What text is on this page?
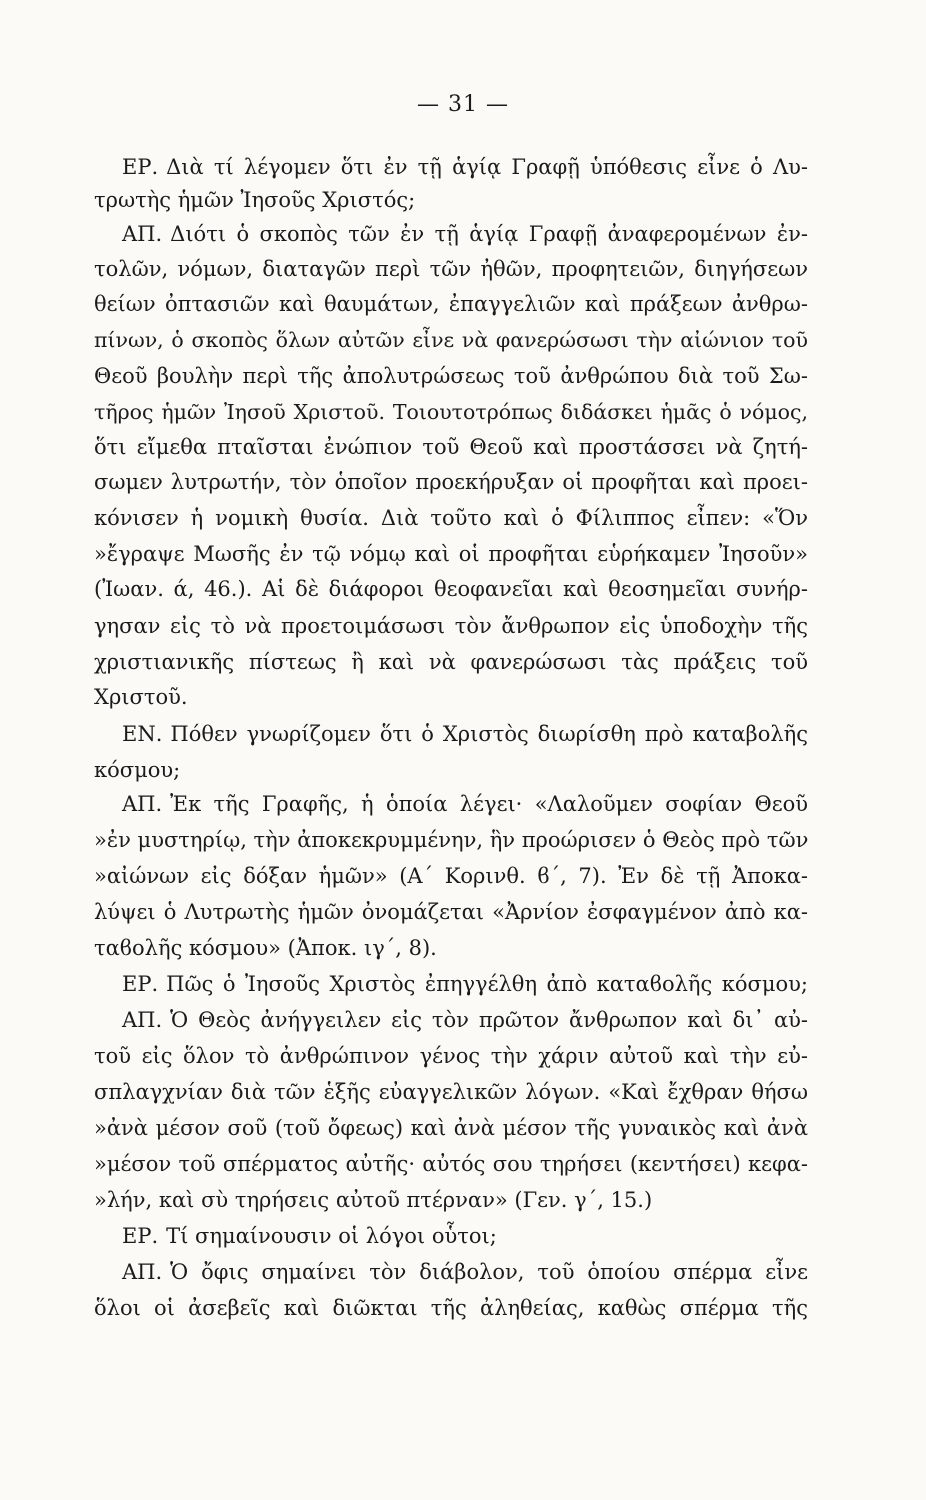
— 31 —
ΕΡ. Διὰ τί λέγομεν ὅτι ἐν τῇ ἁγίᾳ Γραφῇ ὑπόθεσις εἶνε ὁ Λυ-
τρωτὴς ἡμῶν Ἰησοῦς Χριστός;
ΑΠ. Διότι ὁ σκοπὸς τῶν ἐν τῇ ἁγίᾳ Γραφῇ ἀναφερομένων ἐν-
τολῶν, νόμων, διαταγῶν περὶ τῶν ἠθῶν, προφητειῶν, διηγήσεων
θείων ὀπτασιῶν καὶ θαυμάτων, ἐπαγγελιῶν καὶ πράξεων ἀνθρω-
πίνων, ὁ σκοπὸς ὅλων αὐτῶν εἶνε νὰ φανερώσωσι τὴν αἰώνιον τοῦ
Θεοῦ βουλὴν περὶ τῆς ἀπολυτρώσεως τοῦ ἀνθρώπου διὰ τοῦ Σω-
τῆρος ἡμῶν Ἰησοῦ Χριστοῦ. Τοιουτοτρόπως διδάσκει ἡμᾶς ὁ νόμος,
ὅτι εἴμεθα πταῖσται ἐνώπιον τοῦ Θεοῦ καὶ προστάσσει νὰ ζητή-
σωμεν λυτρωτήν, τὸν ὁποῖον προεκήρυξαν οἱ προφῆται καὶ προει-
κόνισεν ἡ νομικὴ θυσία. Διὰ τοῦτο καὶ ὁ Φίλιππος εἶπεν: «Ὅν
»ἔγραψε Μωσῆς ἐν τῷ νόμῳ καὶ οἱ προφῆται εὑρήκαμεν Ἰησοῦν»
(Ἰωαν. ά, 46.). Αἱ δὲ διάφοροι θεοφανεῖαι καὶ θεοσημεῖαι συνήρ-
γησαν εἰς τὸ νὰ προετοιμάσωσι τὸν ἄνθρωπον εἰς ὑποδοχὴν τῆς
χριστιανικῆς πίστεως ἢ καὶ νὰ φανερώσωσι τὰς πράξεις τοῦ
Χριστοῦ.
ΕΝ. Πόθεν γνωρίζομεν ὅτι ὁ Χριστὸς διωρίσθη πρὸ καταβολῆς
κόσμου;
ΑΠ. Ἐκ τῆς Γραφῆς, ἡ ὁποία λέγει· «Λαλοῦμεν σοφίαν Θεοῦ
»ἐν μυστηρίῳ, τὴν ἀποκεκρυμμένην, ἣν προώρισεν ὁ Θεὸς πρὸ τῶν
»αἰώνων εἰς δόξαν ἡμῶν» (Α΄ Κορινθ. ϐ΄, 7). Ἐν δὲ τῇ Ἀποκα-
λύψει ὁ Λυτρωτὴς ἡμῶν ὀνομάζεται «Ἀρνίον ἐσφαγμένον ἀπὸ κα-
ταϐολῆς κόσμου» (Ἀποκ. ιγ΄, 8).
ΕΡ. Πῶς ὁ Ἰησοῦς Χριστὸς ἐπηγγέλθη ἀπὸ καταϐολῆς κόσμου;
ΑΠ. Ὁ Θεὸς ἀνήγγειλεν εἰς τὸν πρῶτον ἄνθρωπον καὶ δι᾿ αὐ-
τοῦ εἰς ὅλον τὸ ἀνθρώπινον γένος τὴν χάριν αὐτοῦ καὶ τὴν εὐ-
σπλαγχνίαν διὰ τῶν ἑξῆς εὐαγγελικῶν λόγων. «Καὶ ἔχθραν θήσω
»ἀνὰ μέσον σοῦ (τοῦ ὄφεως) καὶ ἀνὰ μέσον τῆς γυναικὸς καὶ ἀνὰ
»μέσον τοῦ σπέρματος αὐτῆς· αὐτός σου τηρήσει (κεντήσει) κεφα-
»λήν, καὶ σὺ τηρήσεις αὐτοῦ πτέρναν» (Γεν. γ΄, 15.)
ΕΡ. Τί σημαίνουσιν οἱ λόγοι οὗτοι;
ΑΠ. Ὁ ὄφις σημαίνει τὸν διάβολον, τοῦ ὁποίου σπέρμα εἶνε
ὅλοι οἱ ἀσεβεῖς καὶ διῶκται τῆς ἀληθείας, καθὼς σπέρμα τῆς
